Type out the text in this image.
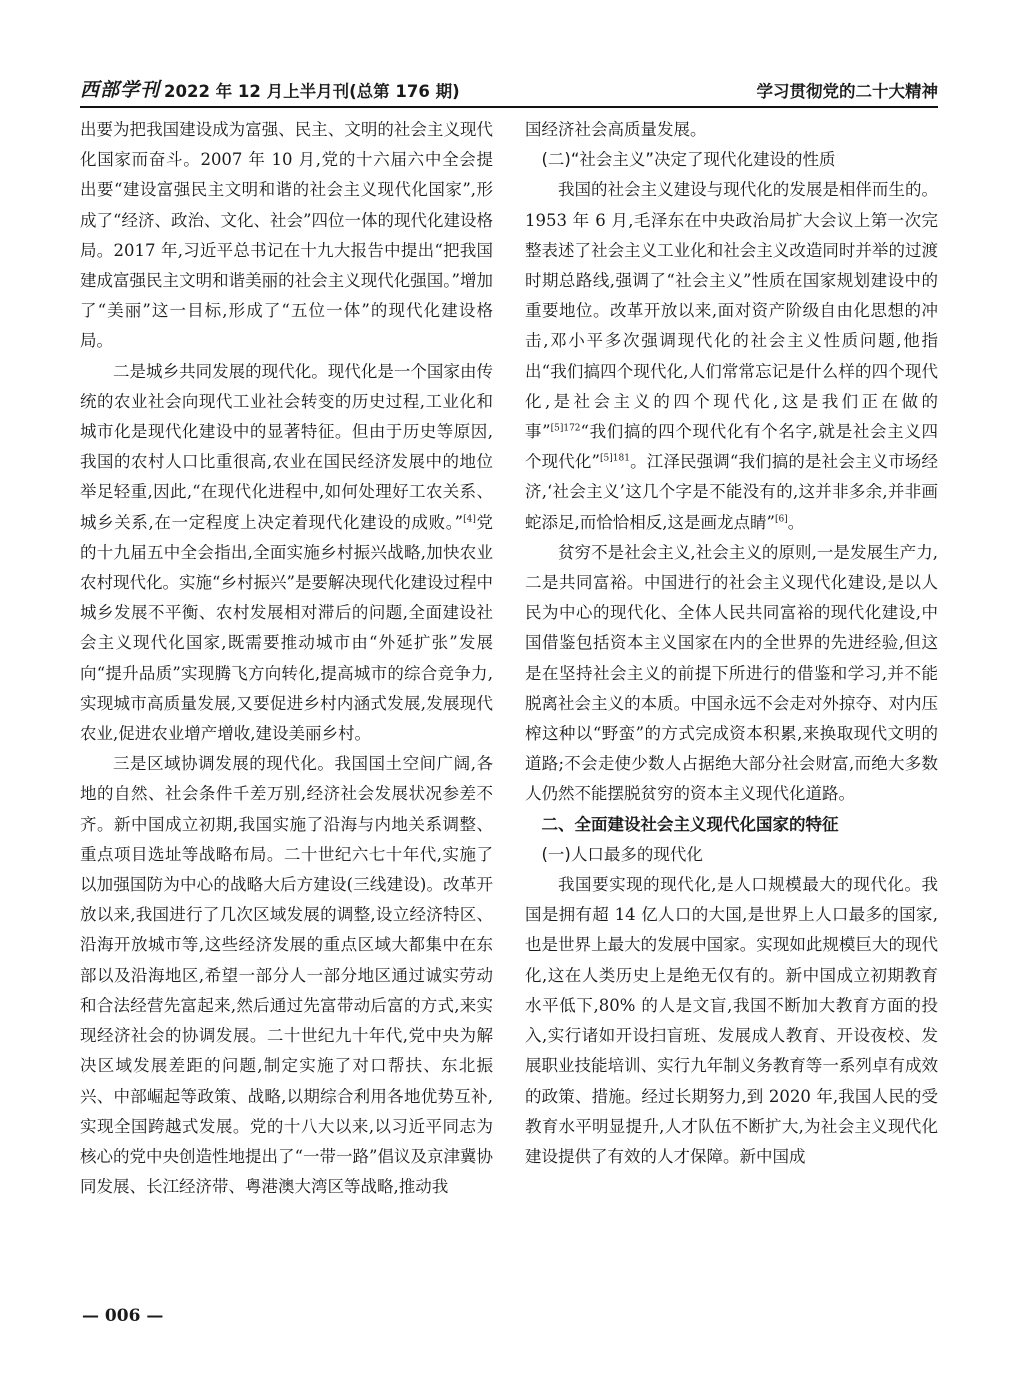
西部学刊 2022 年 12 月上半月刊(总第 176 期)	学习贯彻党的二十大精神

出要为把我国建设成为富强、民主、文明的社会主义现代化国家而奋斗。2007 年 10 月,党的十六届六中全会提出要“建设富强民主文明和谐的社会主义现代化国家”,形成了“经济、政治、文化、社会”四位一体的现代化建设格局。2017 年,习近平总书记在十九大报告中提出“把我国建成富强民主文明和谐美丽的社会主义现代化强国。”增加了“美丽”这一目标,形成了“五位一体”的现代化建设格局。

二是城乡共同发展的现代化。现代化是一个国家由传统的农业社会向现代工业社会转变的历史过程,工业化和城市化是现代化建设中的显著特征。但由于历史等原因,我国的农村人口比重很高,农业在国民经济发展中的地位举足轻重,因此,“在现代化进程中,如何处理好工农关系、城乡关系,在一定程度上决定着现代化建设的成败。”[4]党的十九届五中全会指出,全面实施乡村振兴战略,加快农业农村现代化。实施“乡村振兴”是要解决现代化建设过程中城乡发展不平衡、农村发展相对滞后的问题,全面建设社会主义现代化国家,既需要推动城市由“外延扩张”发展向“提升品质”实现腾飞方向转化,提高城市的综合竞争力,实现城市高质量发展,又要促进乡村内涵式发展,发展现代农业,促进农业增产增收,建设美丽乡村。

三是区域协调发展的现代化。我国国土空间广阔,各地的自然、社会条件千差万别,经济社会发展状况参差不齐。新中国成立初期,我国实施了沿海与内地关系调整、重点项目选址等战略布局。二十世纪六七十年代,实施了以加强国防为中心的战略大后方建设(三线建设)。改革开放以来,我国进行了几次区域发展的调整,设立经济特区、沿海开放城市等,这些经济发展的重点区域大都集中在东部以及沿海地区,希望一部分人一部分地区通过诚实劳动和合法经营先富起来,然后通过先富带动后富的方式,来实现经济社会的协调发展。二十世纪九十年代,党中央为解决区域发展差距的问题,制定实施了对口帮扶、东北振兴、中部崛起等政策、战略,以期综合利用各地优势互补,实现全国跨越式发展。党的十八大以来,以习近平同志为核心的党中央创造性地提出了“一带一路”倡议及京津冀协同发展、长江经济带、粤港澳大湾区等战略,推动我

国经济社会高质量发展。

(二)“社会主义”决定了现代化建设的性质

我国的社会主义建设与现代化的发展是相伴而生的。1953 年 6 月,毛泽东在中央政治局扩大会议上第一次完整表述了社会主义工业化和社会主义改造同时并举的过渡时期总路线,强调了“社会主义”性质在国家规划建设中的重要地位。改革开放以来,面对资产阶级自由化思想的冲击,邓小平多次强调现代化的社会主义性质问题,他指出“我们搞四个现代化,人们常常忘记是什么样的四个现代化,是社会主义的四个现代化,这是我们正在做的事”$^{[5]172}$“我们搞的四个现代化有个名字,就是社会主义四个现代化”$^{[5]181}$。江泽民强调“我们搞的是社会主义市场经济,‘社会主义’这几个字是不能没有的,这并非多余,并非画蛇添足,而恰恰相反,这是画龙点睛”[6]。

贫穷不是社会主义,社会主义的原则,一是发展生产力,二是共同富裕。中国进行的社会主义现代化建设,是以人民为中心的现代化、全体人民共同富裕的现代化建设,中国借鉴包括资本主义国家在内的全世界的先进经验,但这是在坚持社会主义的前提下所进行的借鉴和学习,并不能脱离社会主义的本质。中国永远不会走对外掠夺、对内压榨这种以“野蛮”的方式完成资本积累,来换取现代文明的道路;不会走使少数人占据绝大部分社会财富,而绝大多数人仍然不能摆脱贫穷的资本主义现代化道路。

二、全面建设社会主义现代化国家的特征

(一)人口最多的现代化

我国要实现的现代化,是人口规模最大的现代化。我国是拥有超 14 亿人口的大国,是世界上人口最多的国家,也是世界上最大的发展中国家。实现如此规模巨大的现代化,这在人类历史上是绝无仅有的。新中国成立初期教育水平低下,80% 的人是文盲,我国不断加大教育方面的投入,实行诸如开设扫盲班、发展成人教育、开设夜校、发展职业技能培训、实行九年制义务教育等一系列卓有成效的政策、措施。经过长期努力,到 2020 年,我国人民的受教育水平明显提升,人才队伍不断扩大,为社会主义现代化建设提供了有效的人才保障。新中国成

— 006 —
